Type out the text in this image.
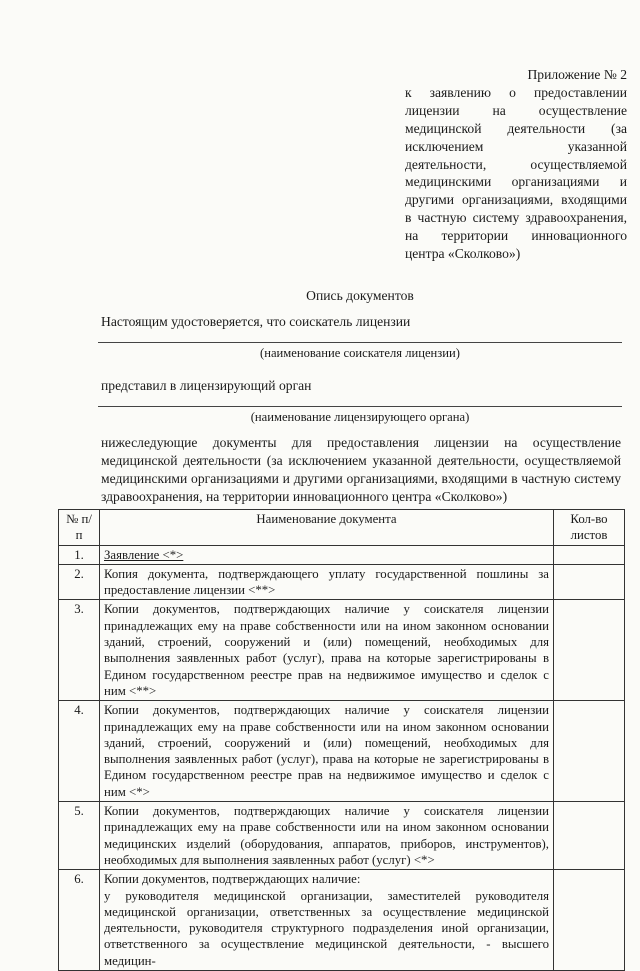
Приложение № 2
к заявлению о предоставлении лицензии на осуществление медицинской деятельности (за исключением указанной деятельности, осуществляемой медицинскими организациями и другими организациями, входящими в частную систему здравоохранения, на территории инновационного центра «Сколково»)
Опись документов
Настоящим удостоверяется, что соискатель лицензии
(наименование соискателя лицензии)
представил в лицензирующий орган
(наименование лицензирующего органа)
нижеследующие документы для предоставления лицензии на осуществление медицинской деятельности (за исключением указанной деятельности, осуществляемой медицинскими организациями и другими организациями, входящими в частную систему здравоохранения, на территории инновационного центра «Сколково»)
№ п/п	Наименование документа	Кол-во листов
1.	Заявление <*>	
2.	Копия документа, подтверждающего уплату государственной пошлины за предоставление лицензии <**>	
3.	Копии документов, подтверждающих наличие у соискателя лицензии принадлежащих ему на праве собственности или на ином законном основании зданий, строений, сооружений и (или) помещений, необходимых для выполнения заявленных работ (услуг), права на которые зарегистрированы в Едином государственном реестре прав на недвижимое имущество и сделок с ним <**>	
4.	Копии документов, подтверждающих наличие у соискателя лицензии принадлежащих ему на праве собственности или на ином законном основании зданий, строений, сооружений и (или) помещений, необходимых для выполнения заявленных работ (услуг), права на которые не зарегистрированы в Едином государственном реестре прав на недвижимое имущество и сделок с ним <*>	
5.	Копии документов, подтверждающих наличие у соискателя лицензии принадлежащих ему на праве собственности или на ином законном основании медицинских изделий (оборудования, аппаратов, приборов, инструментов), необходимых для выполнения заявленных работ (услуг) <*>	
6.	Копии документов, подтверждающих наличие:
у руководителя медицинской организации, заместителей руководителя медицинской организации, ответственных за осуществление медицинской деятельности, руководителя структурного подразделения иной организации, ответственного за осуществление медицинской деятельности, - высшего медицин-	
